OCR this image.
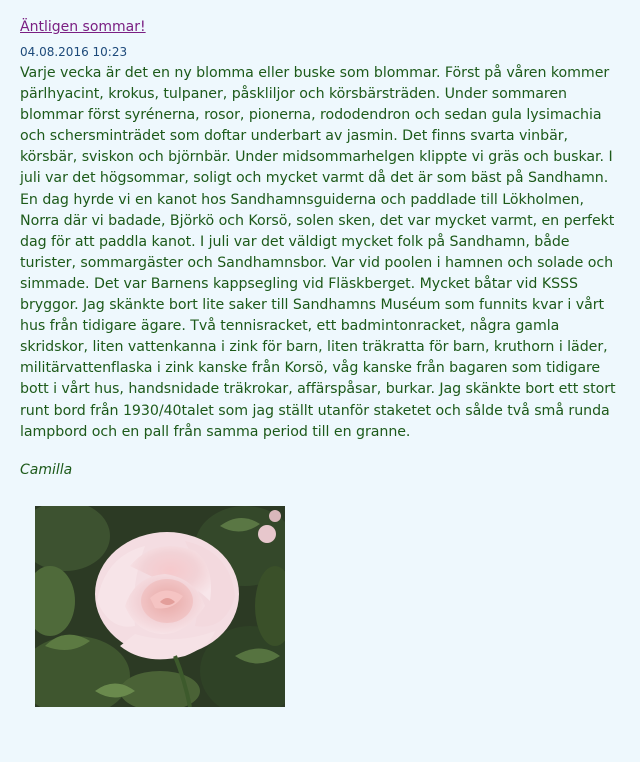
Äntligen sommar!
04.08.2016 10:23

Varje vecka är det en ny blomma eller buske som blommar. Först på våren kommer pärlhyacint, krokus, tulpaner, påskliljor och körsbärsträden. Under sommaren blommar först syrénerna, rosor, pionerna, rododendron och sedan gula lysimachia och schersminträdet som doftar underbart av jasmin. Det finns svarta vinbär, körsbär, sviskon och björnbär. Under midsommarhelgen klippte vi gräs och buskar. I juli var det högsommar, soligt och mycket varmt då det är som bäst på Sandhamn. En dag hyrde vi en kanot hos Sandhamnsguiderna och paddlade till Lökholmen, Norra där vi badade, Björkö och Korsö, solen sken, det var mycket varmt, en perfekt dag för att paddla kanot. I juli var det väldigt mycket folk på Sandhamn, både turister, sommargäster och Sandhamnsbor. Var vid poolen i hamnen och solade och simmade. Det var Barnens kappsegling vid Fläskberget. Mycket båtar vid KSSS bryggor. Jag skänkte bort lite saker till Sandhamns Muséum som funnits kvar i vårt hus från tidigare ägare. Två tennisracket, ett badmintonracket, några gamla skridskor, liten vattenkanna i zink för barn, liten träkratta för barn, kruthorn i läder, militärvattenflaska i zink kanske från Korsö, våg kanske från bagaren som tidigare bott i vårt hus, handsnidade träkrokar, affärspåsar, burkar. Jag skänkte bort ett stort runt bord från 1930/40talet som jag ställt utanför staketet och sålde två små runda lampbord och en pall från samma period till en granne.

Camilla
